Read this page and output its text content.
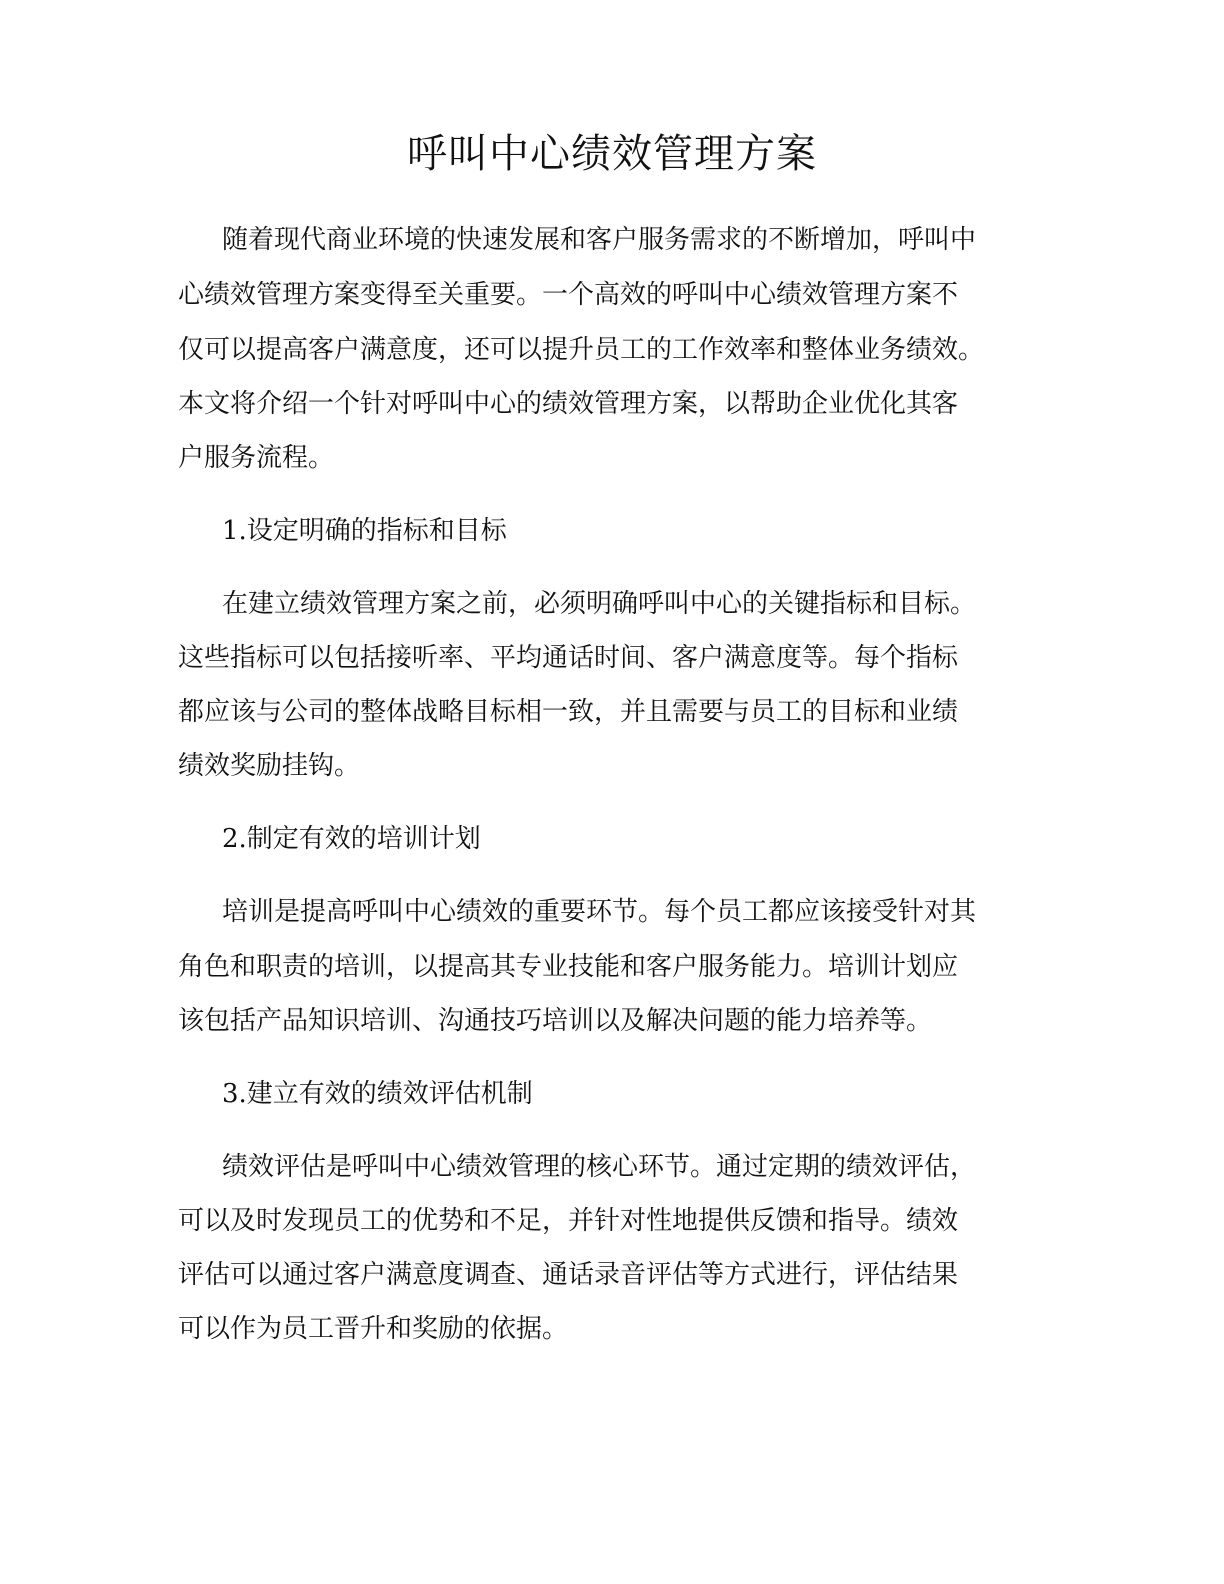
呼叫中心绩效管理方案

随着现代商业环境的快速发展和客户服务需求的不断增加，呼叫中

心绩效管理方案变得至关重要。一个高效的呼叫中心绩效管理方案不

仅可以提高客户满意度，还可以提升员工的工作效率和整体业务绩效。

本文将介绍一个针对呼叫中心的绩效管理方案，以帮助企业优化其客

户服务流程。

1.设定明确的指标和目标

在建立绩效管理方案之前，必须明确呼叫中心的关键指标和目标。

这些指标可以包括接听率、平均通话时间、客户满意度等。每个指标

都应该与公司的整体战略目标相一致，并且需要与员工的目标和业绩

绩效奖励挂钩。

2.制定有效的培训计划

培训是提高呼叫中心绩效的重要环节。每个员工都应该接受针对其

角色和职责的培训，以提高其专业技能和客户服务能力。培训计划应

该包括产品知识培训、沟通技巧培训以及解决问题的能力培养等。

3.建立有效的绩效评估机制

绩效评估是呼叫中心绩效管理的核心环节。通过定期的绩效评估，

可以及时发现员工的优势和不足，并针对性地提供反馈和指导。绩效

评估可以通过客户满意度调查、通话录音评估等方式进行，评估结果

可以作为员工晋升和奖励的依据。
